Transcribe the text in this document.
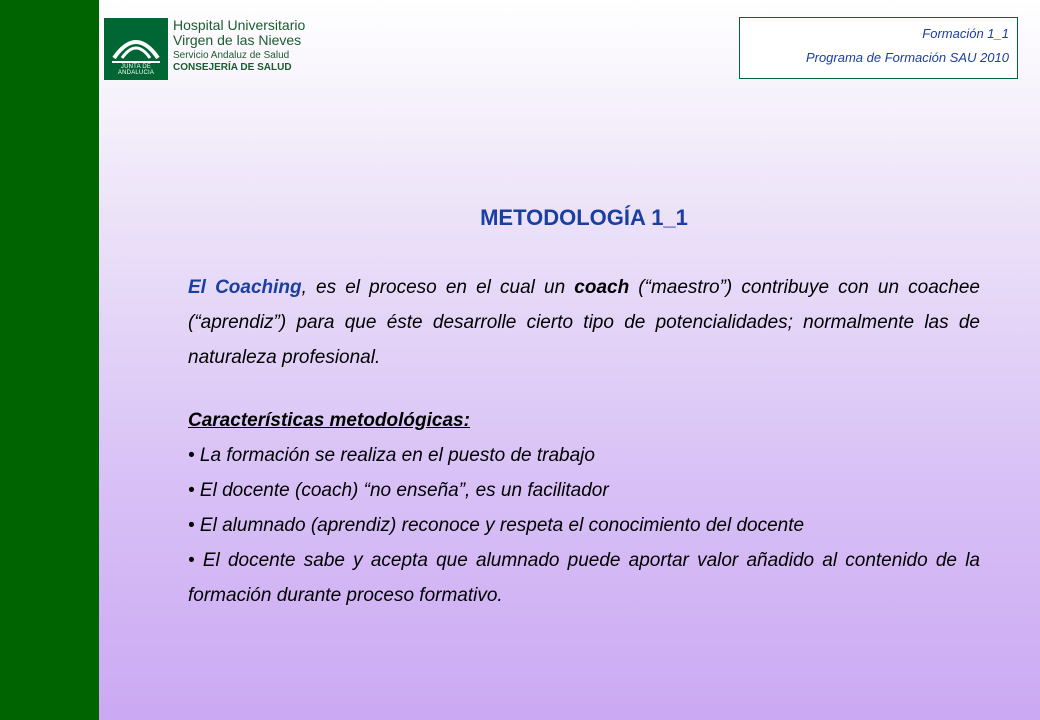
JUNTA DE ANDALUCIA
Hospital Universitario
Virgen de las Nieves
Servicio Andaluz de Salud
CONSEJERÍA DE SALUD
Formación 1_1
Programa de Formación SAU 2010
METODOLOGÍA 1_1

El Coaching, es el proceso en el cual un coach (“maestro”) contribuye con un coachee (“aprendiz”) para que éste desarrolle cierto tipo de potencialidades; normalmente las de naturaleza profesional.

Características metodológicas:
• La formación se realiza en el puesto de trabajo
• El docente (coach) “no enseña”, es un facilitador
• El alumnado (aprendiz) reconoce y respeta el conocimiento del docente
• El docente sabe y acepta que alumnado puede aportar valor añadido al contenido de la formación durante proceso formativo.
